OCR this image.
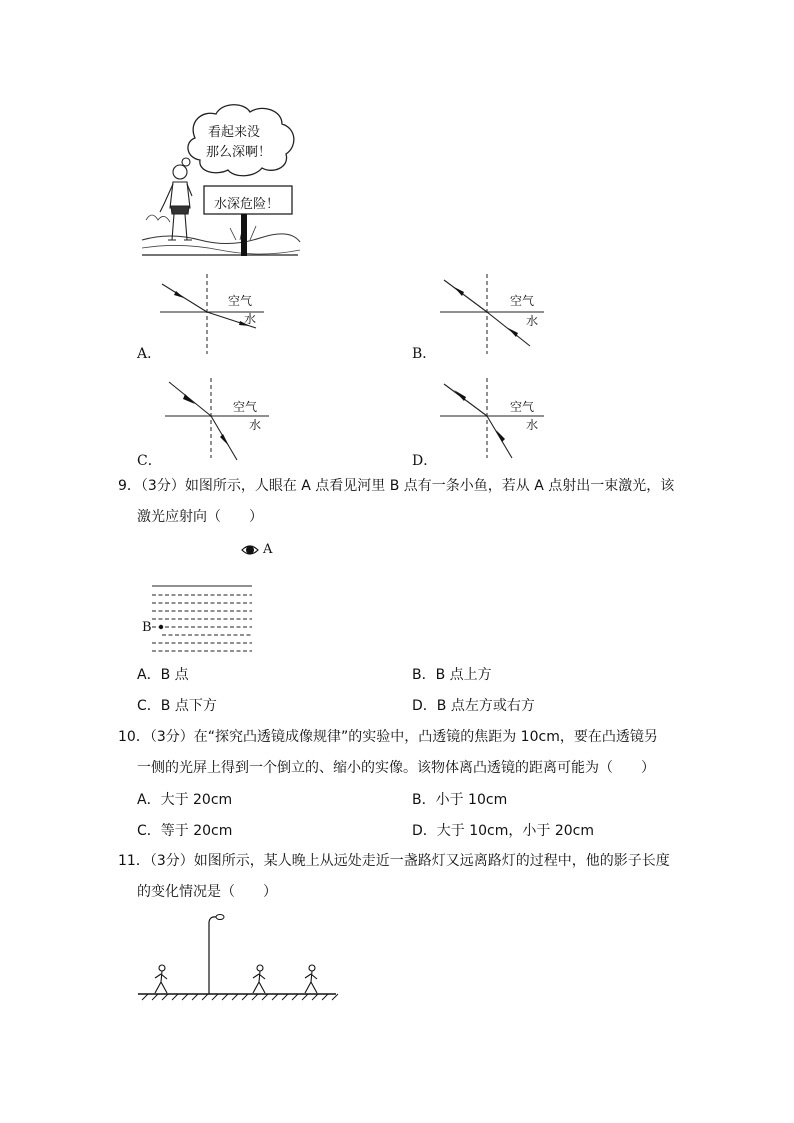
看起来没
那么深啊！
水深危险！
空气
水
A．
空气
水
B．
空气
水
C．
空气
水
D．
9．（3分）如图所示，人眼在 A 点看见河里 B 点有一条小鱼，若从 A 点射出一束激光，该
激光应射向（　　）
A
B
A．B 点	B．B 点上方
C．B 点下方	D．B 点左方或右方
10．（3分）在“探究凸透镜成像规律”的实验中，凸透镜的焦距为 10cm，要在凸透镜另
一侧的光屏上得到一个倒立的、缩小的实像。该物体离凸透镜的距离可能为（　　）
A．大于 20cm	B．小于 10cm
C．等于 20cm	D．大于 10cm，小于 20cm
11．（3分）如图所示，某人晚上从远处走近一盏路灯又远离路灯的过程中，他的影子长度
的变化情况是（　　）
